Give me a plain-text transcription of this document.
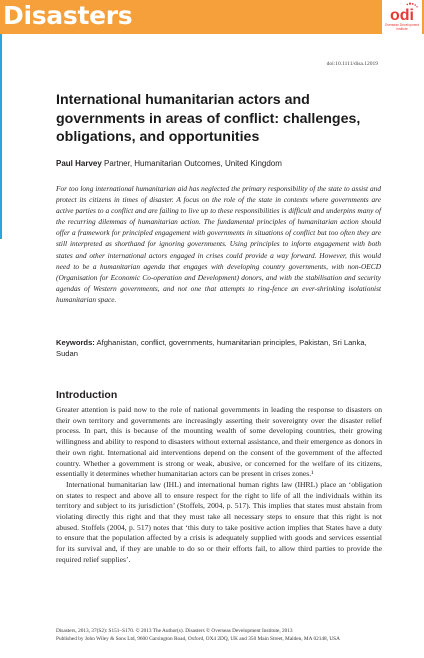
Disasters	odi
Overseas Development
Institute
doi:10.1111/disa.12019
International humanitarian actors and governments in areas of conflict: challenges, obligations, and opportunities
Paul Harvey Partner, Humanitarian Outcomes, United Kingdom

For too long international humanitarian aid has neglected the primary responsibility of the state to assist and protect its citizens in times of disaster. A focus on the role of the state in contexts where governments are active parties to a conflict and are failing to live up to these responsibilities is difficult and underpins many of the recurring dilemmas of humanitarian action. The fundamental principles of humanitarian action should offer a framework for principled engagement with governments in situations of conflict but too often they are still interpreted as shorthand for ignoring governments. Using principles to inform engagement with both states and other international actors engaged in crises could provide a way forward. However, this would need to be a humanitarian agenda that engages with developing country governments, with non-OECD (Organisation for Economic Co-operation and Development) donors, and with the stabilisation and security agendas of Western governments, and not one that attempts to ring-fence an ever-shrinking isolationist humanitarian space.

Keywords: Afghanistan, conflict, governments, humanitarian principles, Pakistan, Sri Lanka, Sudan

Introduction

Greater attention is paid now to the role of national governments in leading the response to disasters on their own territory and governments are increasingly asserting their sovereignty over the disaster relief process. In part, this is because of the mounting wealth of some developing countries, their growing willingness and ability to respond to disasters without external assistance, and their emergence as donors in their own right. International aid interventions depend on the consent of the government of the affected country. Whether a government is strong or weak, abusive, or concerned for the welfare of its citizens, essentially it determines whether humanitarian actors can be present in crises zones.¹

International humanitarian law (IHL) and international human rights law (IHRL) place an ‘obligation on states to respect and above all to ensure respect for the right to life of all the individuals within its territory and subject to its jurisdiction’ (Stoffels, 2004, p. 517). This implies that states must abstain from violating directly this right and that they must take all necessary steps to ensure that this right is not abused. Stoffels (2004, p. 517) notes that ‘this duty to take positive action implies that States have a duty to ensure that the population affected by a crisis is adequately supplied with goods and services essential for its survival and, if they are unable to do so or their efforts fail, to allow third parties to provide the required relief supplies’.

Disasters, 2013, 37(S2): S151–S170. © 2013 The Author(s). Disasters © Overseas Development Institute, 2013
Published by John Wiley & Sons Ltd, 9600 Garsington Road, Oxford, OX4 2DQ, UK and 350 Main Street, Malden, MA 02148, USA
